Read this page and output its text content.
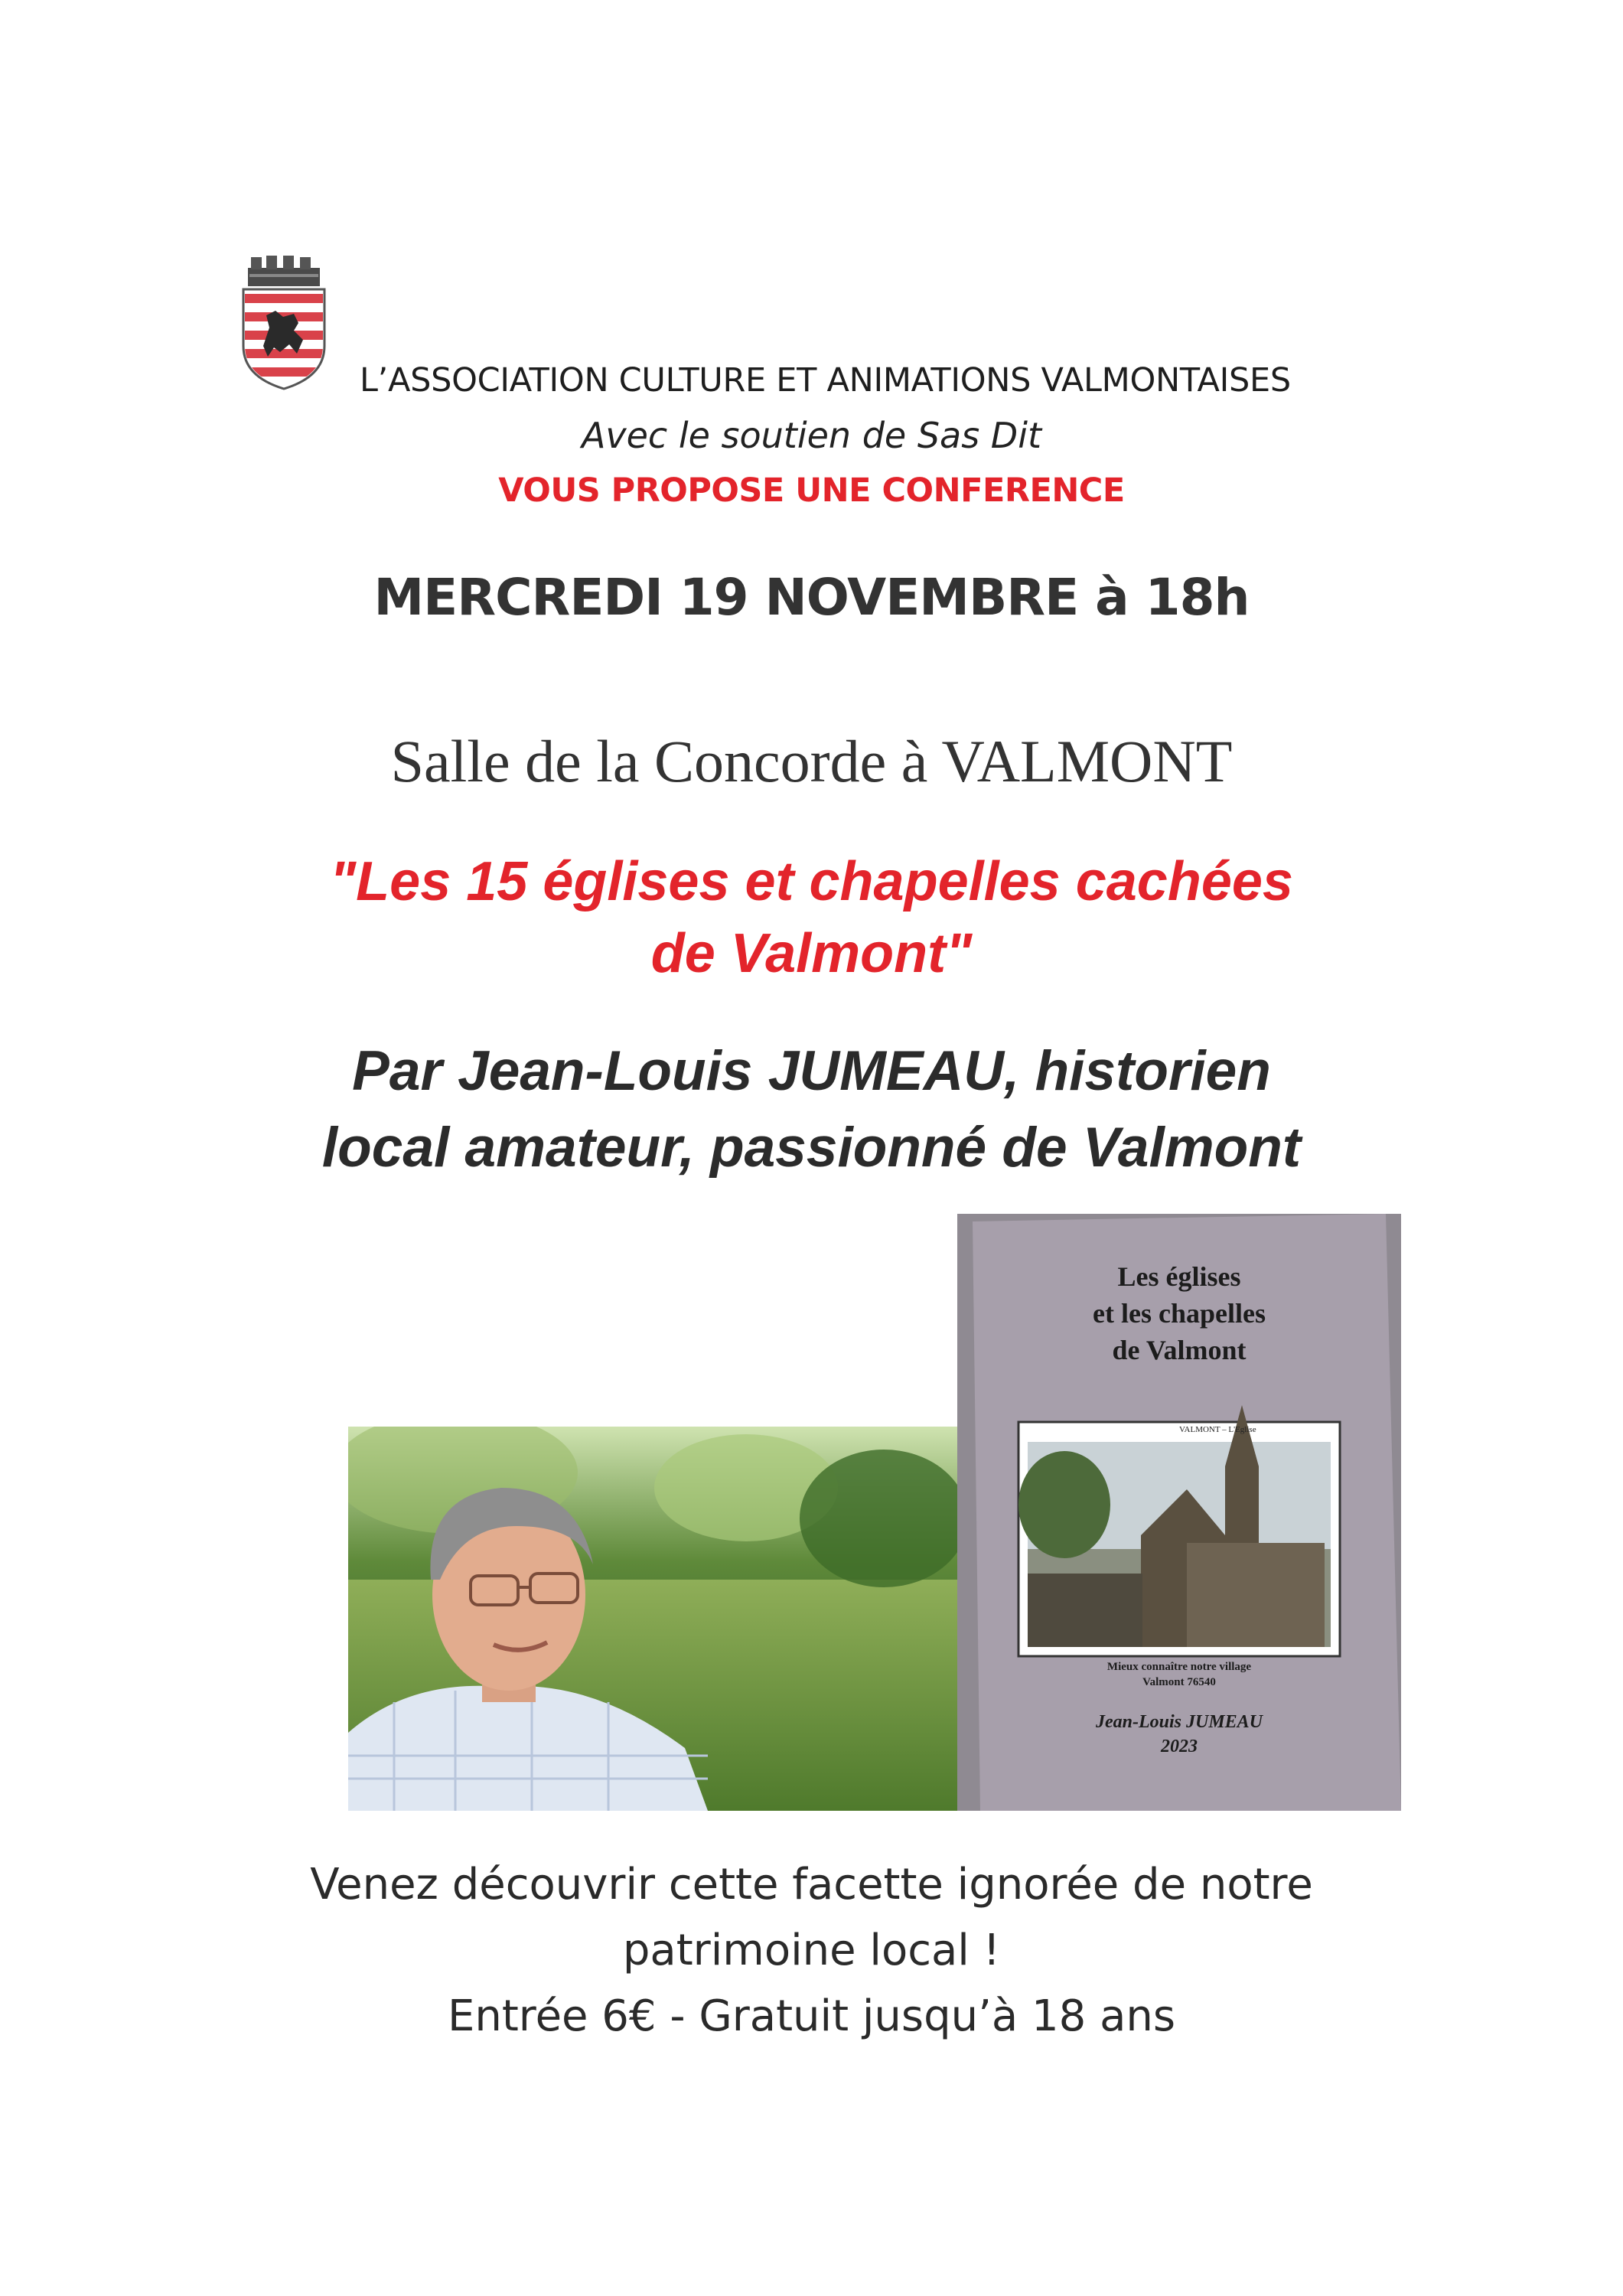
L’ASSOCIATION CULTURE ET ANIMATIONS VALMONTAISES
Avec le soutien de Sas Dit
VOUS PROPOSE UNE CONFERENCE
MERCREDI 19 NOVEMBRE à 18h
Salle de la Concorde à VALMONT
"Les 15 églises et chapelles cachées
de Valmont"
Par Jean-Louis JUMEAU, historien
local amateur, passionné de Valmont
Les églises
et les chapelles
de Valmont
VALMONT – L'Eglise
Mieux connaître notre village
Valmont 76540
Jean-Louis JUMEAU
2023
Venez découvrir cette facette ignorée de notre
patrimoine local !
Entrée 6€ - Gratuit jusqu’à 18 ans
